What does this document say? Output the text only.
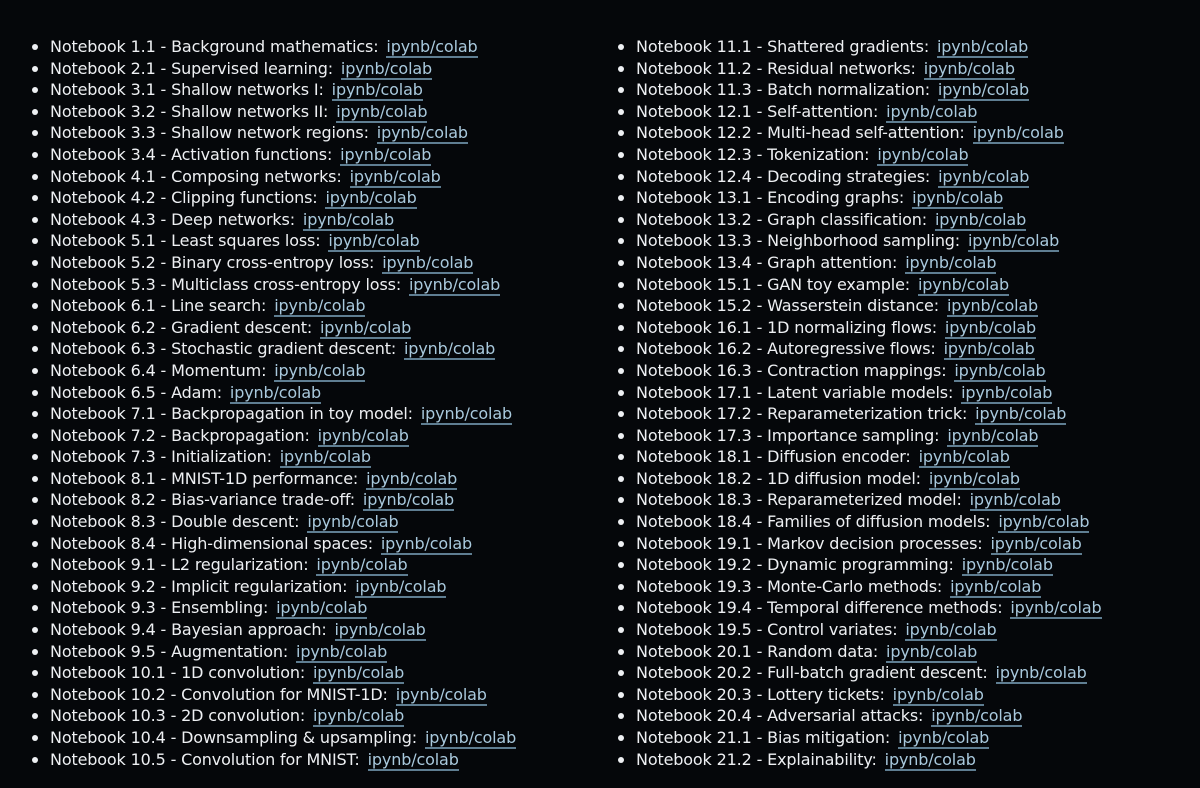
Notebook 1.1 - Background mathematics: ipynb/colab
Notebook 2.1 - Supervised learning: ipynb/colab
Notebook 3.1 - Shallow networks I: ipynb/colab
Notebook 3.2 - Shallow networks II: ipynb/colab
Notebook 3.3 - Shallow network regions: ipynb/colab
Notebook 3.4 - Activation functions: ipynb/colab
Notebook 4.1 - Composing networks: ipynb/colab
Notebook 4.2 - Clipping functions: ipynb/colab
Notebook 4.3 - Deep networks: ipynb/colab
Notebook 5.1 - Least squares loss: ipynb/colab
Notebook 5.2 - Binary cross-entropy loss: ipynb/colab
Notebook 5.3 - Multiclass cross-entropy loss: ipynb/colab
Notebook 6.1 - Line search: ipynb/colab
Notebook 6.2 - Gradient descent: ipynb/colab
Notebook 6.3 - Stochastic gradient descent: ipynb/colab
Notebook 6.4 - Momentum: ipynb/colab
Notebook 6.5 - Adam: ipynb/colab
Notebook 7.1 - Backpropagation in toy model: ipynb/colab
Notebook 7.2 - Backpropagation: ipynb/colab
Notebook 7.3 - Initialization: ipynb/colab
Notebook 8.1 - MNIST-1D performance: ipynb/colab
Notebook 8.2 - Bias-variance trade-off: ipynb/colab
Notebook 8.3 - Double descent: ipynb/colab
Notebook 8.4 - High-dimensional spaces: ipynb/colab
Notebook 9.1 - L2 regularization: ipynb/colab
Notebook 9.2 - Implicit regularization: ipynb/colab
Notebook 9.3 - Ensembling: ipynb/colab
Notebook 9.4 - Bayesian approach: ipynb/colab
Notebook 9.5 - Augmentation: ipynb/colab
Notebook 10.1 - 1D convolution: ipynb/colab
Notebook 10.2 - Convolution for MNIST-1D: ipynb/colab
Notebook 10.3 - 2D convolution: ipynb/colab
Notebook 10.4 - Downsampling & upsampling: ipynb/colab
Notebook 10.5 - Convolution for MNIST: ipynb/colab
Notebook 11.1 - Shattered gradients: ipynb/colab
Notebook 11.2 - Residual networks: ipynb/colab
Notebook 11.3 - Batch normalization: ipynb/colab
Notebook 12.1 - Self-attention: ipynb/colab
Notebook 12.2 - Multi-head self-attention: ipynb/colab
Notebook 12.3 - Tokenization: ipynb/colab
Notebook 12.4 - Decoding strategies: ipynb/colab
Notebook 13.1 - Encoding graphs: ipynb/colab
Notebook 13.2 - Graph classification: ipynb/colab
Notebook 13.3 - Neighborhood sampling: ipynb/colab
Notebook 13.4 - Graph attention: ipynb/colab
Notebook 15.1 - GAN toy example: ipynb/colab
Notebook 15.2 - Wasserstein distance: ipynb/colab
Notebook 16.1 - 1D normalizing flows: ipynb/colab
Notebook 16.2 - Autoregressive flows: ipynb/colab
Notebook 16.3 - Contraction mappings: ipynb/colab
Notebook 17.1 - Latent variable models: ipynb/colab
Notebook 17.2 - Reparameterization trick: ipynb/colab
Notebook 17.3 - Importance sampling: ipynb/colab
Notebook 18.1 - Diffusion encoder: ipynb/colab
Notebook 18.2 - 1D diffusion model: ipynb/colab
Notebook 18.3 - Reparameterized model: ipynb/colab
Notebook 18.4 - Families of diffusion models: ipynb/colab
Notebook 19.1 - Markov decision processes: ipynb/colab
Notebook 19.2 - Dynamic programming: ipynb/colab
Notebook 19.3 - Monte-Carlo methods: ipynb/colab
Notebook 19.4 - Temporal difference methods: ipynb/colab
Notebook 19.5 - Control variates: ipynb/colab
Notebook 20.1 - Random data: ipynb/colab
Notebook 20.2 - Full-batch gradient descent: ipynb/colab
Notebook 20.3 - Lottery tickets: ipynb/colab
Notebook 20.4 - Adversarial attacks: ipynb/colab
Notebook 21.1 - Bias mitigation: ipynb/colab
Notebook 21.2 - Explainability: ipynb/colab
